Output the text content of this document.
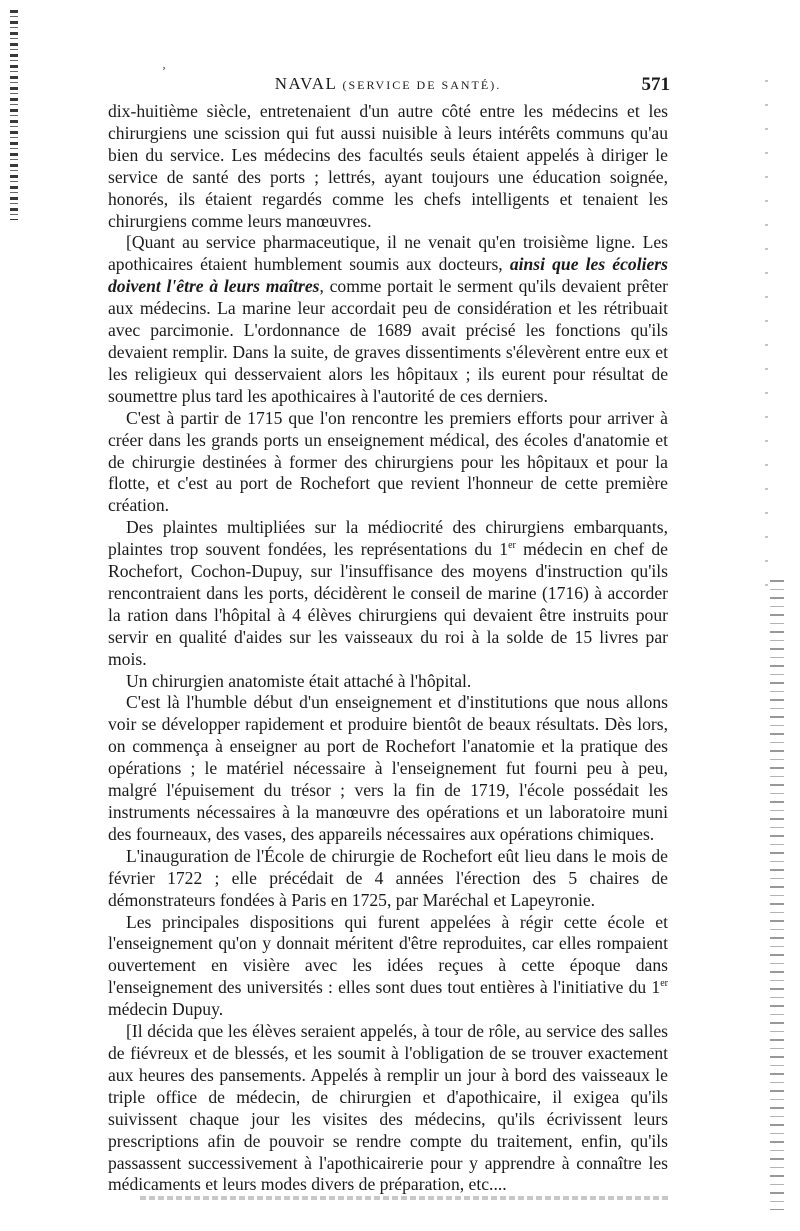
ʼ
NAVAL (SERVICE DE SANTÉ).	571

dix-huitième siècle, entretenaient d'un autre côté entre les médecins et les chirurgiens une scission qui fut aussi nuisible à leurs intérêts communs qu'au bien du service. Les médecins des facultés seuls étaient appelés à diriger le service de santé des ports ; lettrés, ayant toujours une éducation soignée, honorés, ils étaient regardés comme les chefs intelligents et tenaient les chirurgiens comme leurs manœuvres.

[Quant au service pharmaceutique, il ne venait qu'en troisième ligne. Les apothicaires étaient humblement soumis aux docteurs, ainsi que les écoliers doivent l'être à leurs maîtres, comme portait le serment qu'ils devaient prêter aux médecins. La marine leur accordait peu de considération et les rétribuait avec parcimonie. L'ordonnance de 1689 avait précisé les fonctions qu'ils devaient remplir. Dans la suite, de graves dissentiments s'élevèrent entre eux et les religieux qui desservaient alors les hôpitaux ; ils eurent pour résultat de soumettre plus tard les apothicaires à l'autorité de ces derniers.

C'est à partir de 1715 que l'on rencontre les premiers efforts pour arriver à créer dans les grands ports un enseignement médical, des écoles d'anatomie et de chirurgie destinées à former des chirurgiens pour les hôpitaux et pour la flotte, et c'est au port de Rochefort que revient l'honneur de cette première création.

Des plaintes multipliées sur la médiocrité des chirurgiens embarquants, plaintes trop souvent fondées, les représentations du 1er médecin en chef de Rochefort, Cochon-Dupuy, sur l'insuffisance des moyens d'instruction qu'ils rencontraient dans les ports, décidèrent le conseil de marine (1716) à accorder la ration dans l'hôpital à 4 élèves chirurgiens qui devaient être instruits pour servir en qualité d'aides sur les vaisseaux du roi à la solde de 15 livres par mois.

Un chirurgien anatomiste était attaché à l'hôpital.

C'est là l'humble début d'un enseignement et d'institutions que nous allons voir se développer rapidement et produire bientôt de beaux résultats. Dès lors, on commença à enseigner au port de Rochefort l'anatomie et la pratique des opérations ; le matériel nécessaire à l'enseignement fut fourni peu à peu, malgré l'épuisement du trésor ; vers la fin de 1719, l'école possédait les instruments nécessaires à la manœuvre des opérations et un laboratoire muni des fourneaux, des vases, des appareils nécessaires aux opérations chimiques.

L'inauguration de l'École de chirurgie de Rochefort eût lieu dans le mois de février 1722 ; elle précédait de 4 années l'érection des 5 chaires de démonstrateurs fondées à Paris en 1725, par Maréchal et Lapeyronie.

Les principales dispositions qui furent appelées à régir cette école et l'enseignement qu'on y donnait méritent d'être reproduites, car elles rompaient ouvertement en visière avec les idées reçues à cette époque dans l'enseignement des universités : elles sont dues tout entières à l'initiative du 1er médecin Dupuy.

[Il décida que les élèves seraient appelés, à tour de rôle, au service des salles de fiévreux et de blessés, et les soumit à l'obligation de se trouver exactement aux heures des pansements. Appelés à remplir un jour à bord des vaisseaux le triple office de médecin, de chirurgien et d'apothicaire, il exigea qu'ils suivissent chaque jour les visites des médecins, qu'ils écrivissent leurs prescriptions afin de pouvoir se rendre compte du traitement, enfin, qu'ils passassent successivement à l'apothicairerie pour y apprendre à connaître les médicaments et leurs modes divers de préparation, etc....
